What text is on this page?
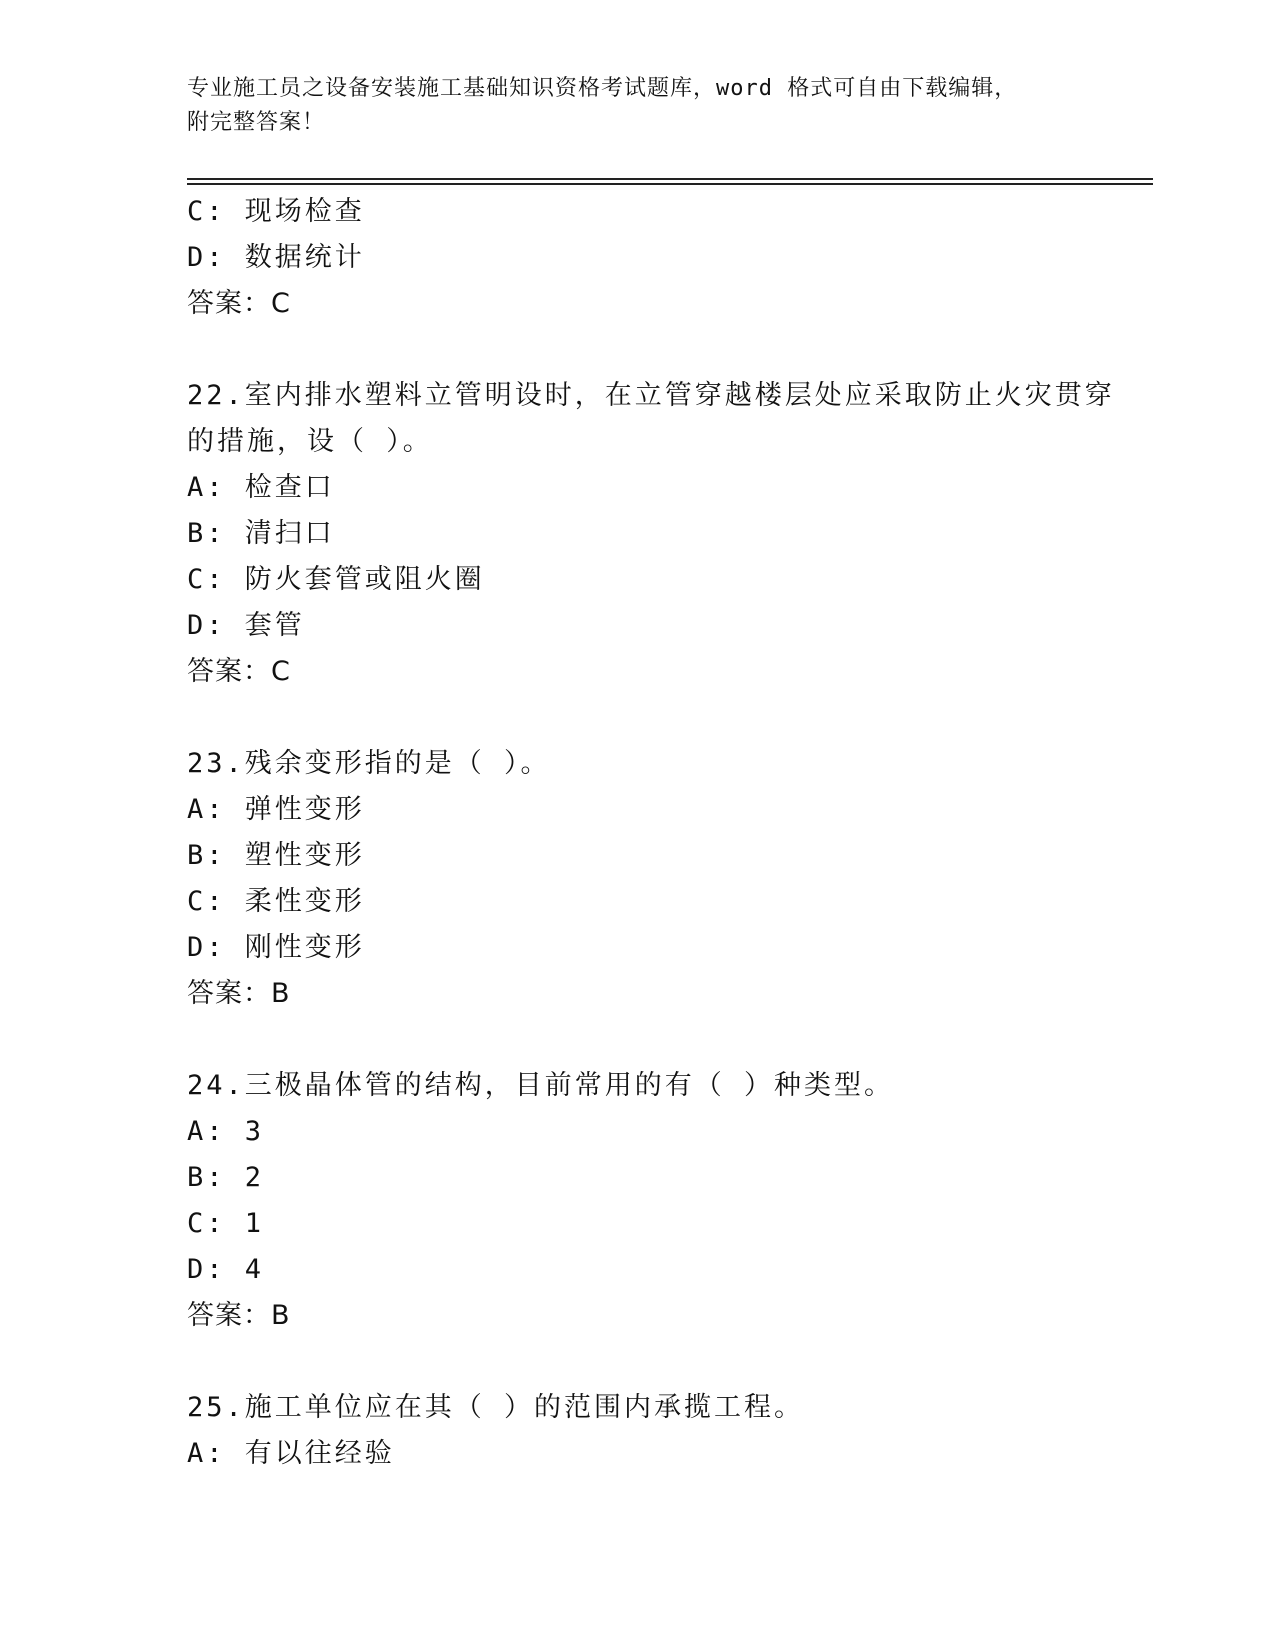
专业施工员之设备安装施工基础知识资格考试题库，word 格式可自由下载编辑，
附完整答案！
C: 现场检查
D: 数据统计
答案：C
22.室内排水塑料立管明设时，在立管穿越楼层处应采取防止火灾贯穿
的措施，设（ ）。
A: 检查口
B: 清扫口
C: 防火套管或阻火圈
D: 套管
答案：C
23.残余变形指的是（ ）。
A: 弹性变形
B: 塑性变形
C: 柔性变形
D: 刚性变形
答案：B
24.三极晶体管的结构，目前常用的有（ ）种类型。
A: 3
B: 2
C: 1
D: 4
答案：B
25.施工单位应在其（ ）的范围内承揽工程。
A: 有以往经验
